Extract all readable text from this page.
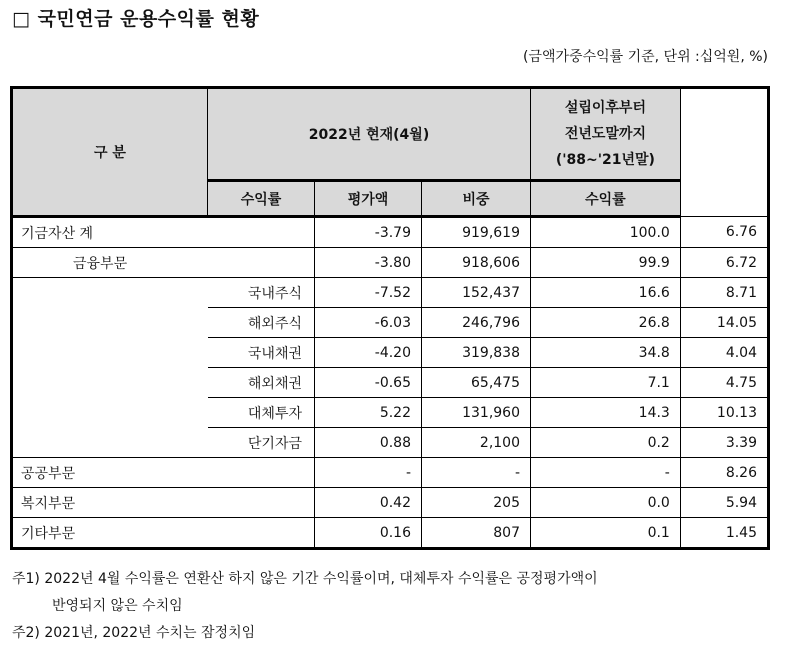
□ 국민연금 운용수익률 현황
(금액가중수익률 기준, 단위 :십억원, %)
구 분	2022년 현재(4월)			설립이후부터
전년도말까지
('88~'21년말)	
	수익률	평가액	비중	수익률	
기금자산 계		-3.79	919,619	100.0	6.76
금융부문		-3.80	918,606	99.9	6.72
	국내주식	-7.52	152,437	16.6	8.71
	해외주식	-6.03	246,796	26.8	14.05
	국내채권	-4.20	319,838	34.8	4.04
	해외채권	-0.65	65,475	7.1	4.75
	대체투자	5.22	131,960	14.3	10.13
	단기자금	0.88	2,100	0.2	3.39
공공부문		-	-	-	8.26
복지부문		0.42	205	0.0	5.94
기타부문		0.16	807	0.1	1.45
주1) 2022년 4월 수익률은 연환산 하지 않은 기간 수익률이며, 대체투자 수익률은 공정평가액이
반영되지 않은 수치임
주2) 2021년, 2022년 수치는 잠정치임
